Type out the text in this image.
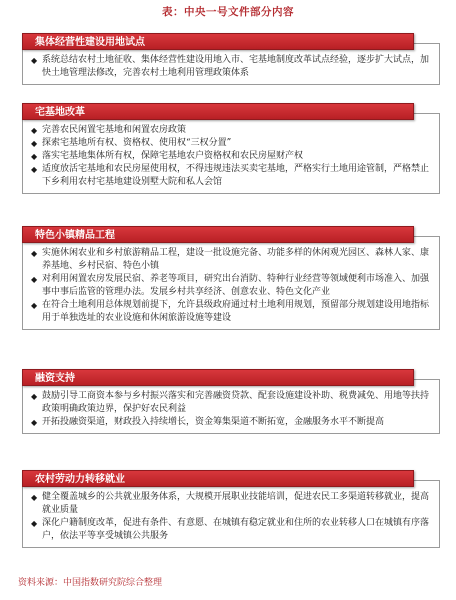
表：中央一号文件部分内容
集体经营性建设用地试点
◆ 系统总结农村土地征收、集体经营性建设用地入市、宅基地制度改革试点经验，逐步扩大试点，加快土地管理法修改，完善农村土地利用管理政策体系
宅基地改革
◆ 完善农民闲置宅基地和闲置农房政策
◆ 探索宅基地所有权、资格权、使用权“三权分置”
◆ 落实宅基地集体所有权，保障宅基地农户资格权和农民房屋财产权
◆ 适度放活宅基地和农民房屋使用权，不得违规违法买卖宅基地，严格实行土地用途管制，严格禁止下乡利用农村宅基地建设别墅大院和私人会馆
特色小镇精品工程
◆ 实施休闲农业和乡村旅游精品工程，建设一批设施完备、功能多样的休闲观光园区、森林人家、康养基地、乡村民宿、特色小镇
◆ 对利用闲置农房发展民宿、养老等项目，研究出台消防、特种行业经营等领域便利市场准入、加强事中事后监管的管理办法。发展乡村共享经济、创意农业、特色文化产业
◆ 在符合土地利用总体规划前提下，允许县级政府通过村土地利用规划，预留部分规划建设用地指标用于单独选址的农业设施和休闲旅游设施等建设
融资支持
◆ 鼓励引导工商资本参与乡村振兴落实和完善融资贷款、配套设施建设补助、税费减免、用地等扶持政策明确政策边界，保护好农民利益
◆ 开拓投融资渠道，财政投入持续增长，资金筹集渠道不断拓宽，金融服务水平不断提高
农村劳动力转移就业
◆ 健全覆盖城乡的公共就业服务体系，大规模开展职业技能培训，促进农民工多渠道转移就业，提高就业质量
◆ 深化户籍制度改革，促进有条件、有意愿、在城镇有稳定就业和住所的农业转移人口在城镇有序落户，依法平等享受城镇公共服务
资料来源：中国指数研究院综合整理
